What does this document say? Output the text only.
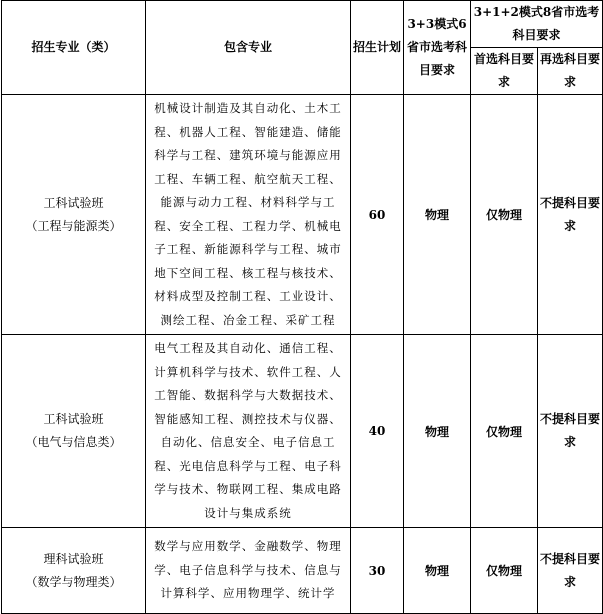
招生专业（类）	包含专业	招生计划	3+3模式6省市选考科目要求	3+1+2模式8省市选考科目要求	

				首选科目要求	再选科目要求

工科试验班
（工程与能源类）	机械设计制造及其自动化、土木工程、机器人工程、智能建造、储能科学与工程、建筑环境与能源应用工程、车辆工程、航空航天工程、能源与动力工程、材料科学与工程、安全工程、工程力学、机械电子工程、新能源科学与工程、城市地下空间工程、核工程与核技术、材料成型及控制工程、工业设计、测绘工程、冶金工程、采矿工程	60	物理	仅物理	不提科目要求

工科试验班
（电气与信息类）	电气工程及其自动化、通信工程、计算机科学与技术、软件工程、人工智能、数据科学与大数据技术、智能感知工程、测控技术与仪器、自动化、信息安全、电子信息工程、光电信息科学与工程、电子科学与技术、物联网工程、集成电路设计与集成系统	40	物理	仅物理	不提科目要求

理科试验班
（数学与物理类）	数学与应用数学、金融数学、物理学、电子信息科学与技术、信息与计算科学、应用物理学、统计学	30	物理	仅物理	不提科目要求
